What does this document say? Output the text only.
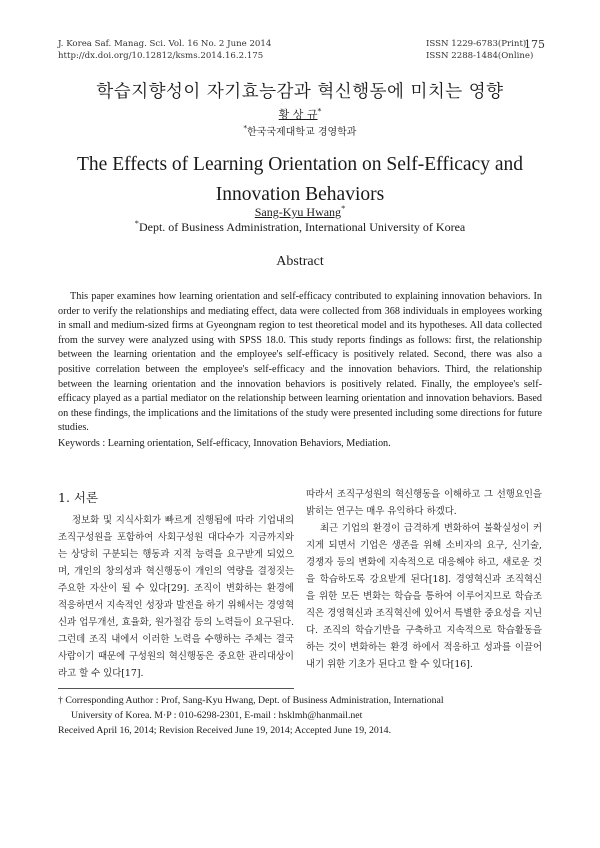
J. Korea Saf. Manag. Sci. Vol. 16 No. 2 June 2014
http://dx.doi.org/10.12812/ksms.2014.16.2.175
ISSN 1229-6783(Print)
ISSN 2288-1484(Online)
175
학습지향성이 자기효능감과 혁신행동에 미치는 영향
황 상 규*
*한국국제대학교 경영학과
The Effects of Learning Orientation on Self-Efficacy and
Innovation Behaviors
Sang-Kyu Hwang*
*Dept. of Business Administration, International University of Korea
Abstract
This paper examines how learning orientation and self-efficacy contributed to explaining innovation behaviors. In order to verify the relationships and mediating effect, data were collected from 368 individuals in employees working in small and medium-sized firms at Gyeongnam region to test theoretical model and its hypotheses. All data collected from the survey were analyzed using with SPSS 18.0. This study reports findings as follows: first, the relationship between the learning orientation and the employee's self-efficacy is positively related. Second, there was also a positive correlation between the employee's self-efficacy and the innovation behaviors. Third, the relationship between the learning orientation and the innovation behaviors is positively related. Finally, the employee's self-efficacy played as a partial mediator on the relationship between learning orientation and innovation behaviors. Based on these findings, the implications and the limitations of the study were presented including some directions for future studies.
Keywords : Learning orientation, Self-efficacy, Innovation Behaviors, Mediation.
1. 서론

정보화 및 지식사회가 빠르게 진행됨에 따라 기업내의 조직구성원을 포함하여 사회구성원 대다수가 지금까지와는 상당히 구분되는 행동과 지적 능력을 요구받게 되었으며, 개인의 창의성과 혁신행동이 개인의 역량을 결정짓는 주요한 자산이 될 수 있다[29]. 조직이 변화하는 환경에 적응하면서 지속적인 성장과 발전을 하기 위해서는 경영혁신과 업무개선, 효율화, 원가절감 등의 노력들이 요구된다. 그런데 조직 내에서 이러한 노력을 수행하는 주체는 결국 사람이기 때문에 구성원의 혁신행동은 중요한 관리대상이라고 할 수 있다[17].

따라서 조직구성원의 혁신행동을 이해하고 그 선행요인을 밝히는 연구는 매우 유익하다 하겠다.

최근 기업의 환경이 급격하게 변화하여 불확실성이 커지게 되면서 기업은 생존을 위해 소비자의 요구, 신기술, 경쟁자 등의 변화에 지속적으로 대응해야 하고, 새로운 것을 학습하도록 강요받게 된다[18]. 경영혁신과 조직혁신을 위한 모든 변화는 학습을 통하여 이루어지므로 학습조직은 경영혁신과 조직혁신에 있어서 특별한 중요성을 지닌다. 조직의 학습기반을 구축하고 지속적으로 학습활동을 하는 것이 변화하는 환경 하에서 적응하고 성과를 이끌어내기 위한 기초가 된다고 할 수 있다[16].

† Corresponding Author : Prof, Sang-Kyu Hwang, Dept. of Business Administration, International
University of Korea. M·P : 010-6298-2301, E-mail : hsklmh@hanmail.net
Received April 16, 2014; Revision Received June 19, 2014; Accepted June 19, 2014.
